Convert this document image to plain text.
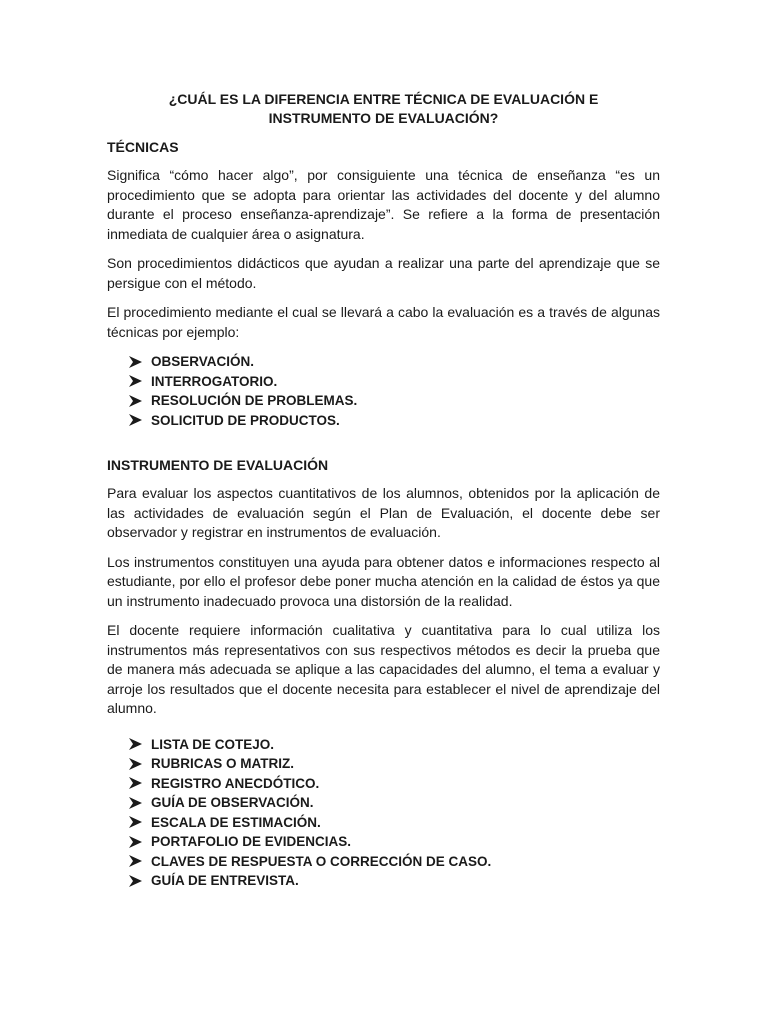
¿CUÁL ES LA DIFERENCIA ENTRE TÉCNICA DE EVALUACIÓN E
INSTRUMENTO DE EVALUACIÓN?
TÉCNICAS

Significa “cómo hacer algo”, por consiguiente una técnica de enseñanza “es un procedimiento que se adopta para orientar las actividades del docente y del alumno durante el proceso enseñanza-aprendizaje”. Se refiere a la forma de presentación inmediata de cualquier área o asignatura.

Son procedimientos didácticos que ayudan a realizar una parte del aprendizaje que se persigue con el método.

El procedimiento mediante el cual se llevará a cabo la evaluación es a través de algunas técnicas por ejemplo:

OBSERVACIÓN.
INTERROGATORIO.
RESOLUCIÓN DE PROBLEMAS.
SOLICITUD DE PRODUCTOS.
INSTRUMENTO DE EVALUACIÓN

Para evaluar los aspectos cuantitativos de los alumnos, obtenidos por la aplicación de las actividades de evaluación según el Plan de Evaluación, el docente debe ser observador y registrar en instrumentos de evaluación.

Los instrumentos constituyen una ayuda para obtener datos e informaciones respecto al estudiante, por ello el profesor debe poner mucha atención en la calidad de éstos ya que un instrumento inadecuado provoca una distorsión de la realidad.

El docente requiere información cualitativa y cuantitativa para lo cual utiliza los instrumentos más representativos con sus respectivos métodos es decir la prueba que de manera más adecuada se aplique a las capacidades del alumno, el tema a evaluar y arroje los resultados que el docente necesita para establecer el nivel de aprendizaje del alumno.

LISTA DE COTEJO.
RUBRICAS O MATRIZ.
REGISTRO ANECDÓTICO.
GUÍA DE OBSERVACIÓN.
ESCALA DE ESTIMACIÓN.
PORTAFOLIO DE EVIDENCIAS.
CLAVES DE RESPUESTA O CORRECCIÓN DE CASO.
GUÍA DE ENTREVISTA.
